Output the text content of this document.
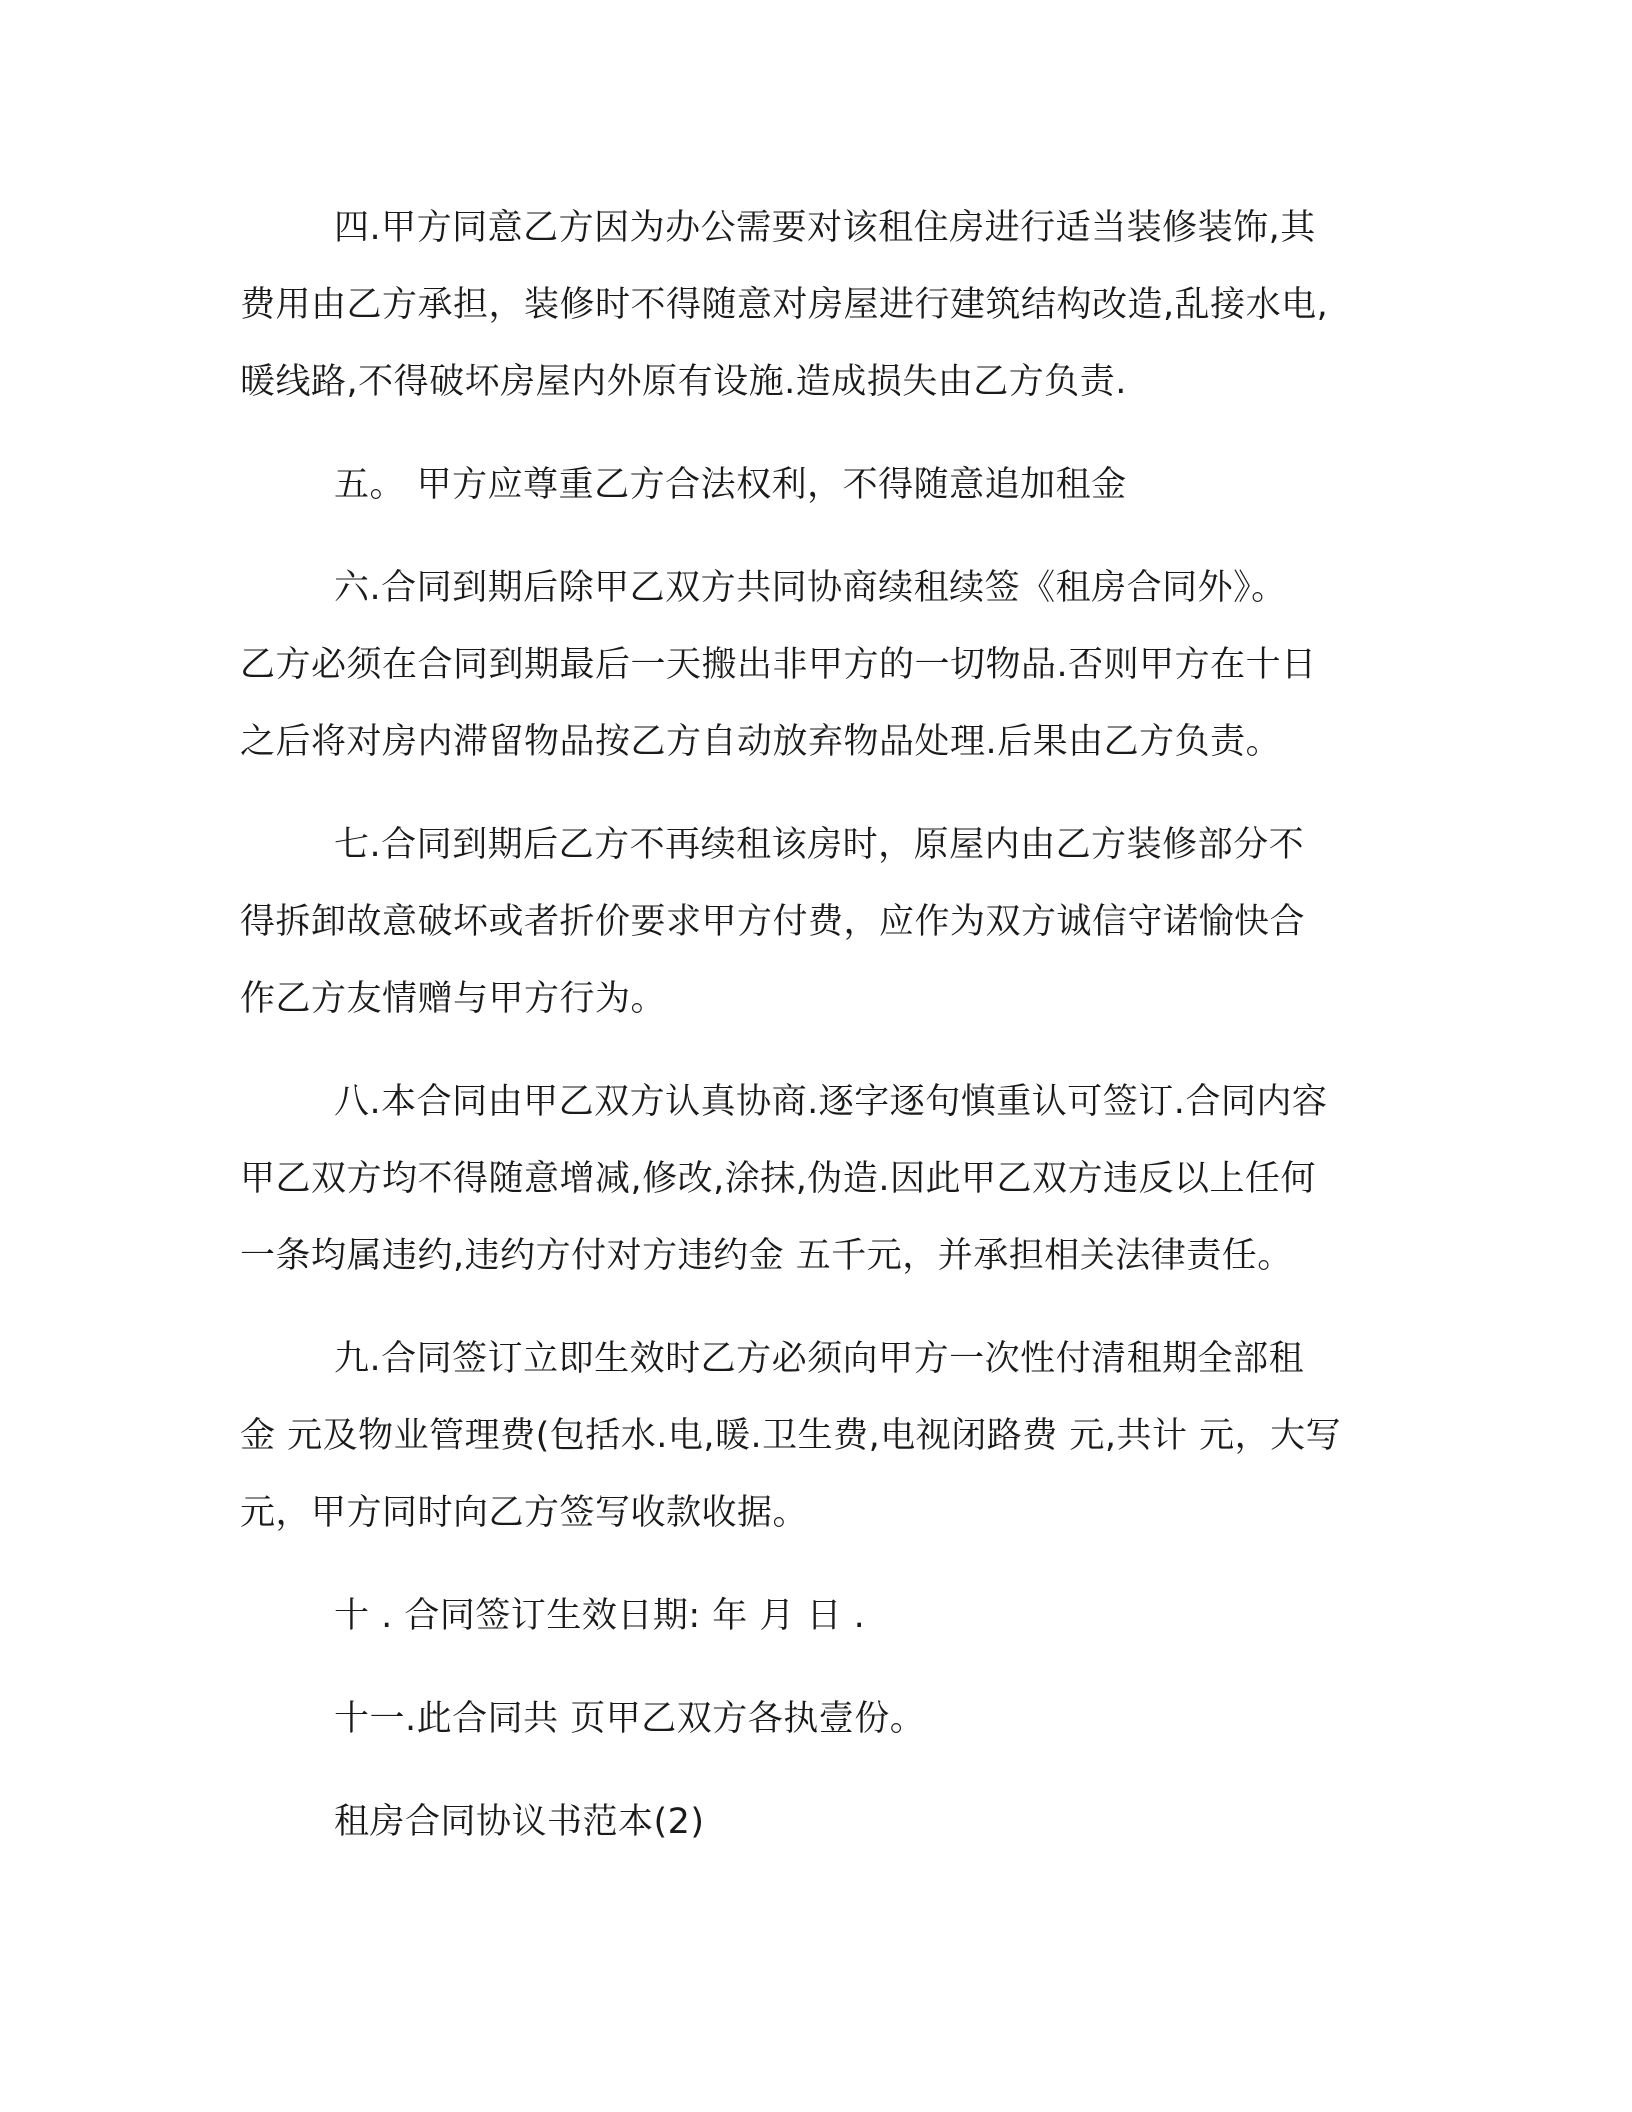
四.甲方同意乙方因为办公需要对该租住房进行适当装修装饰,其
费用由乙方承担，装修时不得随意对房屋进行建筑结构改造,乱接水电,
暖线路,不得破坏房屋内外原有设施.造成损失由乙方负责.

五。 甲方应尊重乙方合法权利，不得随意追加租金

六.合同到期后除甲乙双方共同协商续租续签《租房合同外》。
乙方必须在合同到期最后一天搬出非甲方的一切物品.否则甲方在十日
之后将对房内滞留物品按乙方自动放弃物品处理.后果由乙方负责。

七.合同到期后乙方不再续租该房时，原屋内由乙方装修部分不
得拆卸故意破坏或者折价要求甲方付费，应作为双方诚信守诺愉快合
作乙方友情赠与甲方行为。

八.本合同由甲乙双方认真协商.逐字逐句慎重认可签订.合同内容
甲乙双方均不得随意增减,修改,涂抹,伪造.因此甲乙双方违反以上任何
一条均属违约,违约方付对方违约金 五千元，并承担相关法律责任。

九.合同签订立即生效时乙方必须向甲方一次性付清租期全部租
金 元及物业管理费(包括水.电,暖.卫生费,电视闭路费 元,共计 元，大写
元，甲方同时向乙方签写收款收据。

十 . 合同签订生效日期: 年 月 日 .

十一.此合同共 页甲乙双方各执壹份。

租房合同协议书范本(2)
